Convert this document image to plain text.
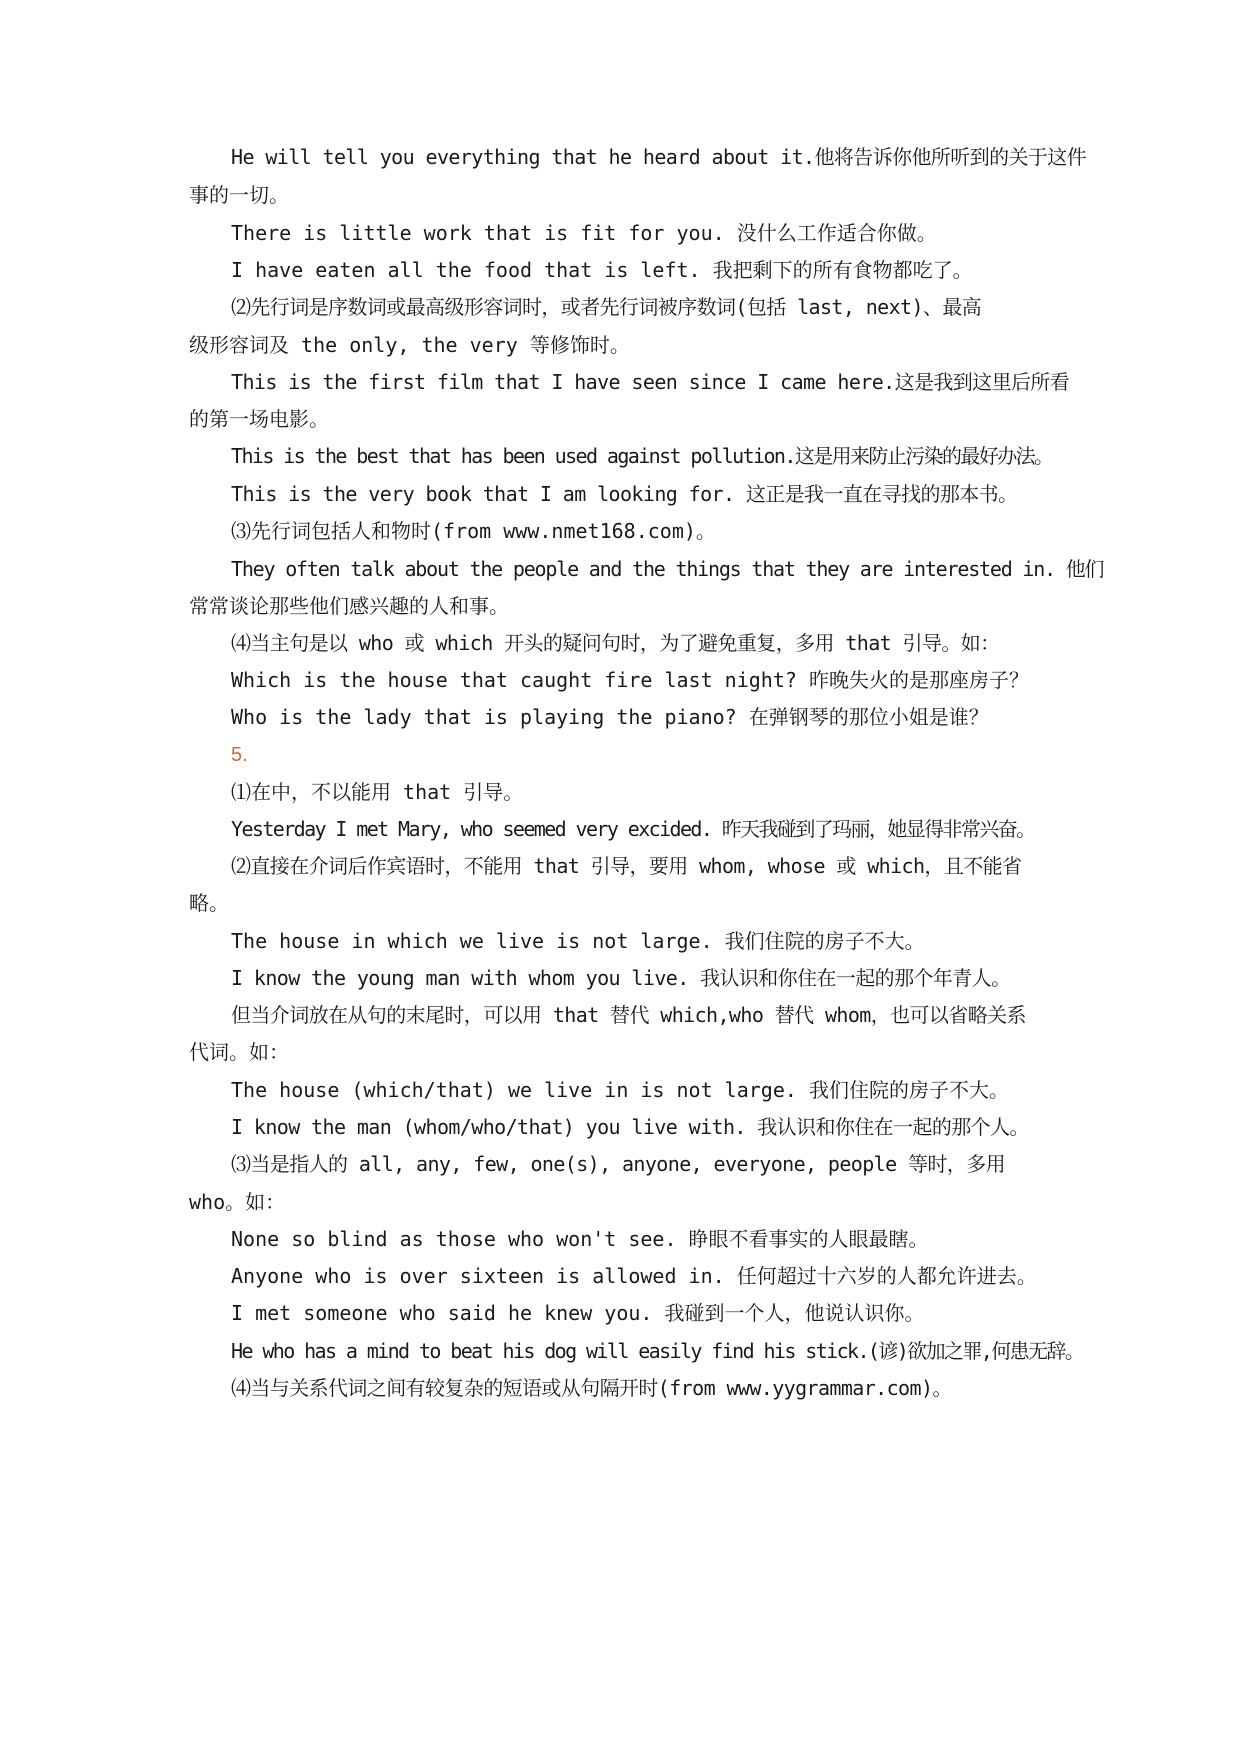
He will tell you everything that he heard about it.他将告诉你他所听到的关于这件
事的一切。
There is little work that is fit for you. 没什么工作适合你做。
I have eaten all the food that is left. 我把剩下的所有食物都吃了。
⑵先行词是序数词或最高级形容词时，或者先行词被序数词(包括 last, next)、最高
级形容词及 the only, the very 等修饰时。
This is the first film that I have seen since I came here.这是我到这里后所看
的第一场电影。
This is the best that has been used against pollution.这是用来防止污染的最好办法。
This is the very book that I am looking for. 这正是我一直在寻找的那本书。
⑶先行词包括人和物时(from www.nmet168.com)。
They often talk about the people and the things that they are interested in. 他们
常常谈论那些他们感兴趣的人和事。
⑷当主句是以 who 或 which 开头的疑问句时，为了避免重复，多用 that 引导。如：
Which is the house that caught fire last night? 昨晚失火的是那座房子？
Who is the lady that is playing the piano? 在弹钢琴的那位小姐是谁？
5.
⑴在中，不以能用 that 引导。
Yesterday I met Mary, who seemed very excided. 昨天我碰到了玛丽，她显得非常兴奋。
⑵直接在介词后作宾语时，不能用 that 引导，要用 whom, whose 或 which，且不能省
略。
The house in which we live is not large. 我们住院的房子不大。
I know the young man with whom you live. 我认识和你住在一起的那个年青人。
但当介词放在从句的末尾时，可以用 that 替代 which,who 替代 whom，也可以省略关系
代词。如：
The house (which/that) we live in is not large. 我们住院的房子不大。
I know the man (whom/who/that) you live with. 我认识和你住在一起的那个人。
⑶当是指人的 all, any, few, one(s), anyone, everyone, people 等时，多用
who。如：
None so blind as those who won't see. 睁眼不看事实的人眼最瞎。
Anyone who is over sixteen is allowed in. 任何超过十六岁的人都允许进去。
I met someone who said he knew you. 我碰到一个人，他说认识你。
He who has a mind to beat his dog will easily find his stick.(谚)欲加之罪,何患无辞。
⑷当与关系代词之间有较复杂的短语或从句隔开时(from www.yygrammar.com)。
